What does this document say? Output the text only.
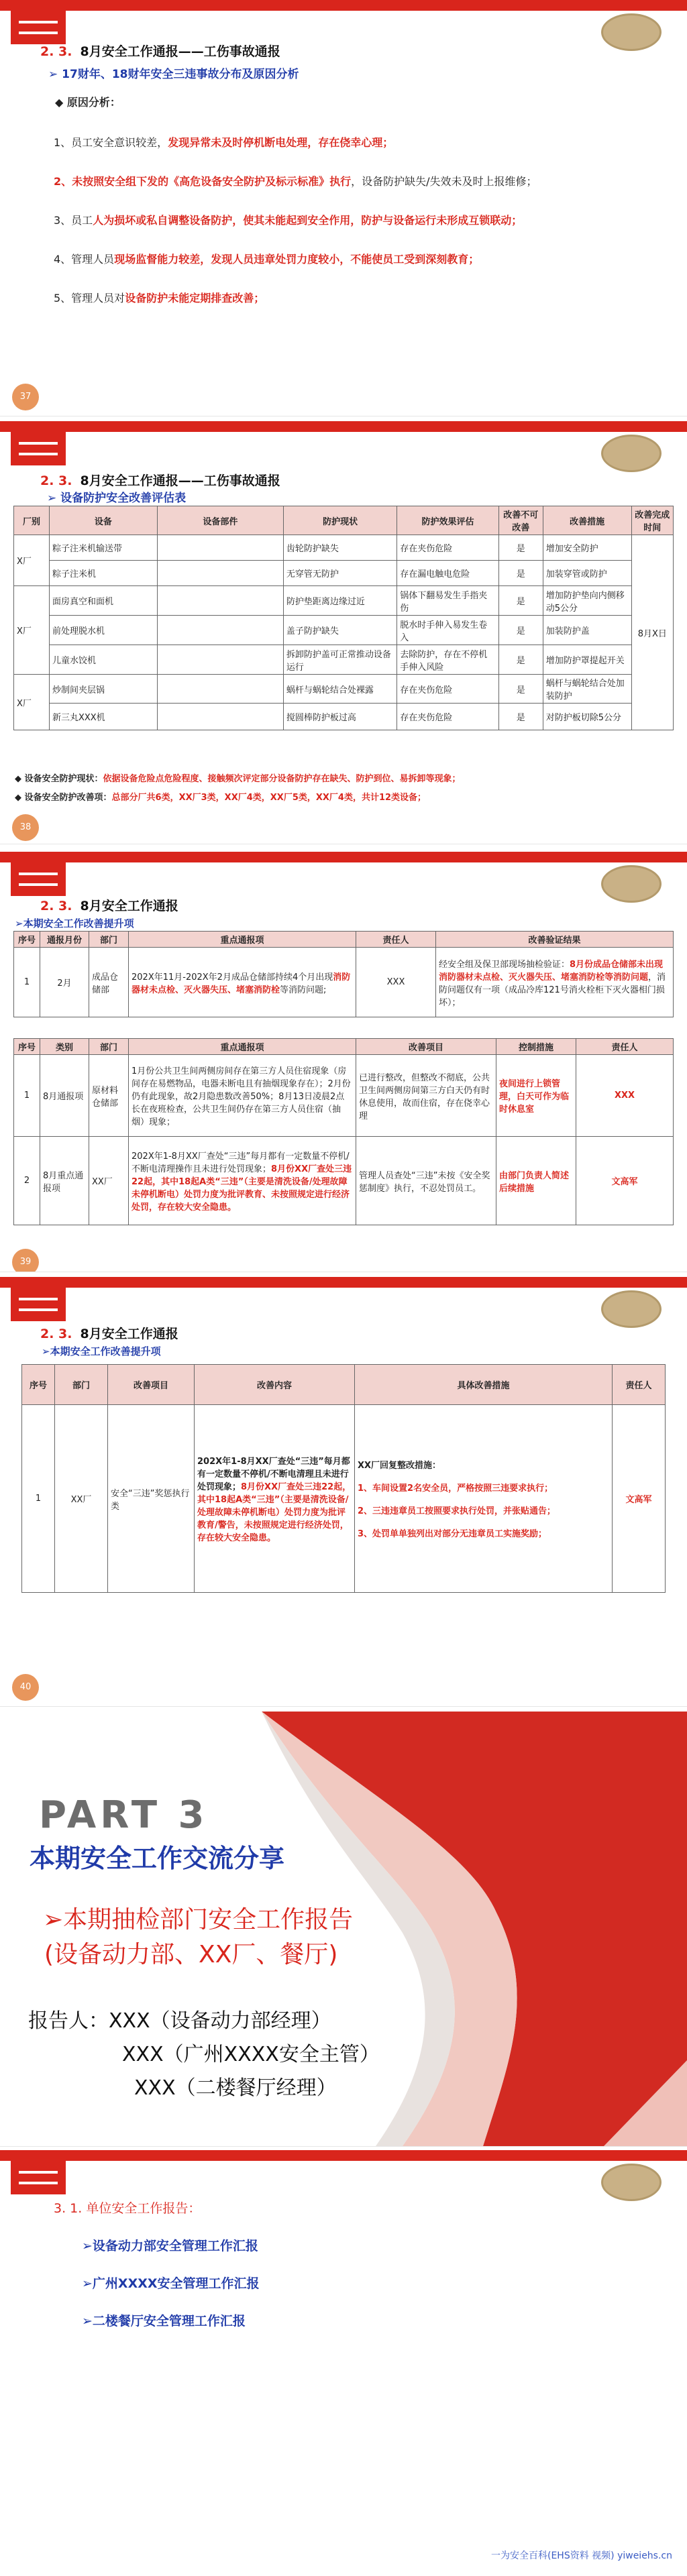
2. 3. 8月安全工作通报——工伤事故通报
➢ 17财年、18财年安全三违事故分布及原因分析
◆ 原因分析：
1、员工安全意识较差，发现异常未及时停机断电处理，存在侥幸心理；
2、未按照安全组下发的《高危设备安全防护及标示标准》执行，设备防护缺失/失效未及时上报维修；
3、员工人为损坏或私自调整设备防护，使其未能起到安全作用，防护与设备运行未形成互锁联动；
4、管理人员现场监督能力较差，发现人员违章处罚力度较小，不能使员工受到深刻教育；
5、管理人员对设备防护未能定期排查改善；
37
2. 3. 8月安全工作通报——工伤事故通报
➢ 设备防护安全改善评估表
厂别	设备	设备部件	防护现状	防护效果评估	改善不可改善	改善措施	改善完成时间
X厂	粽子注米机输送带		齿轮防护缺失	存在夹伤危险	是	增加安全防护	8月X日
	粽子注米机		无穿管无防护	存在漏电触电危险	是	加装穿管或防护	
X厂	面房真空和面机		防护垫距离边缘过近	锅体下翻易发生手指夹伤	是	增加防护垫向内侧移动5公分	
	前处理脱水机		盖子防护缺失	脱水时手伸入易发生卷入	是	加装防护盖	
	儿童水饺机		拆卸防护盖可正常推动设备运行	去除防护，存在不停机手伸入风险	是	增加防护罩提起开关	
X厂	炒制间夹层锅		蜗杆与蜗轮结合处裸露	存在夹伤危险	是	蜗杆与蜗轮结合处加装防护	
	新三丸XXX机		搅圆棒防护板过高	存在夹伤危险	是	对防护板切除5公分	
◆ 设备安全防护现状：依据设备危险点危险程度、接触频次评定部分设备防护存在缺失、防护到位、易拆卸等现象；
◆ 设备安全防护改善项：总部分厂共6类，XX厂3类，XX厂4类，XX厂5类，XX厂4类，共计12类设备；
38
2. 3. 8月安全工作通报
➢本期安全工作改善提升项
序号	通报月份	部门	重点通报项	责任人	改善验证结果
1	2月	成品仓储部	202X年11月-202X年2月成品仓储部持续4个月出现消防器材未点检、灭火器失压、堵塞消防栓等消防问题;	XXX	经安全组及保卫部现场抽检验证：8月份成品仓储部未出现消防器材未点检、灭火器失压、堵塞消防栓等消防问题，消防问题仅有一项（成品冷库121号消火栓柜下灭火器相门损坏）；
序号	类别	部门	重点通报项	改善项目	控制措施	责任人
1	8月通报项	原材料仓储部	1月份公共卫生间两侧房间存在第三方人员住宿现象（房间存在易燃物品，电器未断电且有抽烟现象存在）；2月份仍有此现象，故2月隐患数改善50%；8月13日凌晨2点长在夜班检查，公共卫生间仍存在第三方人员住宿（抽烟）现象；	已进行整改，但整改不彻底，公共卫生间两侧房间第三方白天仍有时休息使用，故而住宿，存在侥幸心理	夜间进行上锁管理，白天可作为临时休息室	XXX
2	8月重点通报项	XX厂	202X年1-8月XX厂查处“三违”每月都有一定数量不停机/不断电清理操作且未进行处罚现象；8月份XX厂查处三违22起，其中18起A类“三违”（主要是清洗设备/处理故障未停机断电）处罚力度为批评教育、未按照规定进行经济处罚，存在较大安全隐患。	管理人员查处“三违”未按《安全奖惩制度》执行，不忍处罚员工。	由部门负责人简述后续措施	文高军
39
2. 3. 8月安全工作通报
➢本期安全工作改善提升项
序号	部门	改善项目	改善内容	具体改善措施	责任人
1	XX厂	安全“三违”奖惩执行类	202X年1-8月XX厂查处“三违”每月都有一定数量不停机/不断电清理且未进行处罚现象；8月份XX厂查处三违22起，其中18起A类“三违”（主要是清洗设备/处理故障未停机断电）处罚力度为批评教育/警告，未按照规定进行经济处罚，存在较大安全隐患。	XX厂回复整改措施：

1、车间设置2名安全员，严格按照三违要求执行；

2、三违违章员工按照要求执行处罚，并张贴通告；

3、处罚单单独列出对部分无违章员工实施奖励；	文高军
40
PART 3
本期安全工作交流分享
➢本期抽检部门安全工作报告
(设备动力部、XX厂、餐厅)
报告人：XXX（设备动力部经理）
XXX（广州XXXX安全主管）
XXX（二楼餐厅经理）
3. 1. 单位安全工作报告：
➢设备动力部安全管理工作汇报
➢广州XXXX安全管理工作汇报
➢二楼餐厅安全管理工作汇报
一为安全百科(EHS资料 视频) yiweiehs.cn
